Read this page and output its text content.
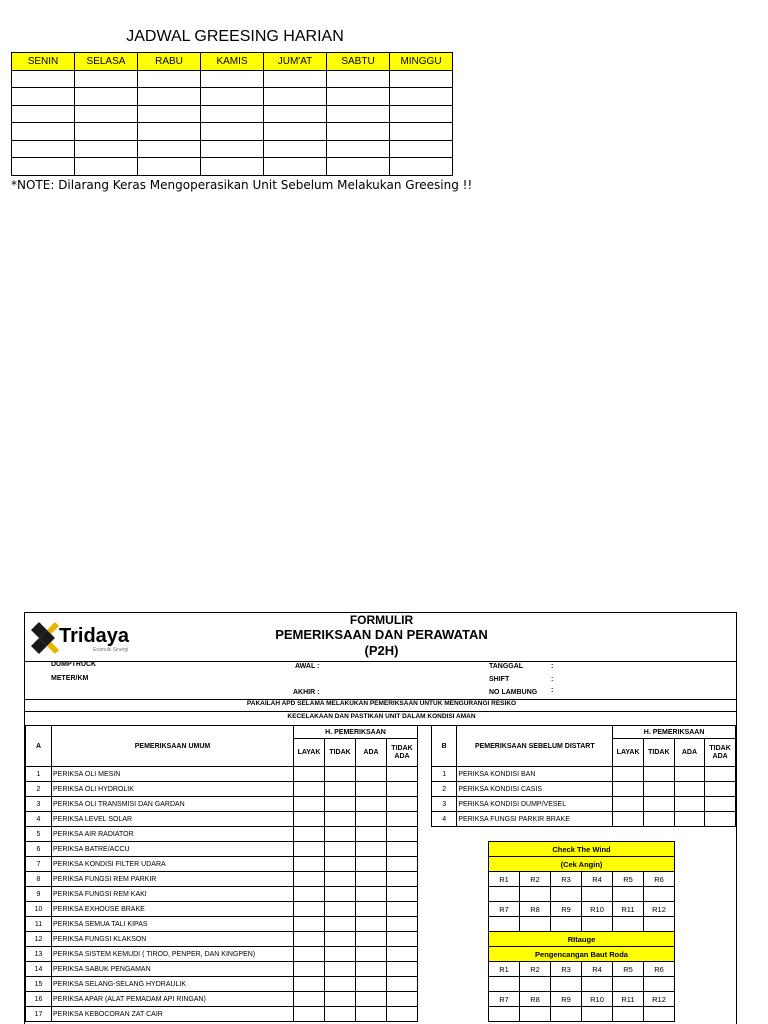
JADWAL GREESING HARIAN
SENIN	SELASA	RABU	KAMIS	JUM'AT	SABTU	MINGGU

*NOTE: Dilarang Keras Mengoperasikan Unit Sebelum Melakukan Greesing !!
Tridaya
Eramulti Sinergi
FORMULIR
PEMERIKSAAN DAN PERAWATAN
(P2H)
DUMPTRUCK
METER/KM
AWAL :
AKHIR :
TANGGAL	:
SHIFT	:
NO LAMBUNG :
PAKAILAH APD SELAMA MELAKUKAN PEMERIKSAAN UNTUK MENGURANGI RESIKO
KECELAKAAN DAN PASTIKAN UNIT DALAM KONDISI AMAN
A	PEMERIKSAAN UMUM	H. PEMERIKSAAN			
		LAYAK	TIDAK	ADA	TIDAK ADA
1	PERIKSA OLI MESIN				
2	PERIKSA OLI HYDROLIK				
3	PERIKSA OLI TRANSMISI DAN GARDAN				
4	PERIKSA LEVEL SOLAR				
5	PERIKSA AIR RADIATOR				
6	PERIKSA BATRE/ACCU				
7	PERIKSA KONDISI FILTER UDARA				
8	PERIKSA FUNGSI REM PARKIR				
9	PERIKSA FUNGSI REM KAKI				
10	PERIKSA EXHOUSE BRAKE				
11	PERIKSA SEMUA TALI KIPAS				
12	PERIKSA FUNGSI KLAKSON				
13	PERIKSA SISTEM KEMUDI ( TIROD, PENPER, DAN KINGPEN)				
14	PERIKSA SABUK PENGAMAN				
15	PERIKSA SELANG-SELANG HYDRAULIK				
16	PERIKSA APAR (ALAT PEMADAM API RINGAN)				
17	PERIKSA KEBOCORAN ZAT CAIR				
B	PEMERIKSAAN SEBELUM DISTART	H. PEMERIKSAAN			
		LAYAK	TIDAK	ADA	TIDAK ADA
1	PERIKSA KONDISI BAN				
2	PERIKSA KONDISI CASIS				
3	PERIKSA KONDISI DUMP/VESEL				
4	PERIKSA FUNGSI PARKIR BRAKE				
Check The Wind					
(Cek Angin)					
R1	R2	R3	R4	R5	R6

R7	R8	R9	R10	R11	R12

RItauge					
Pengencangan Baut Roda					
R1	R2	R3	R4	R5	R6

R7	R8	R9	R10	R11	R12
